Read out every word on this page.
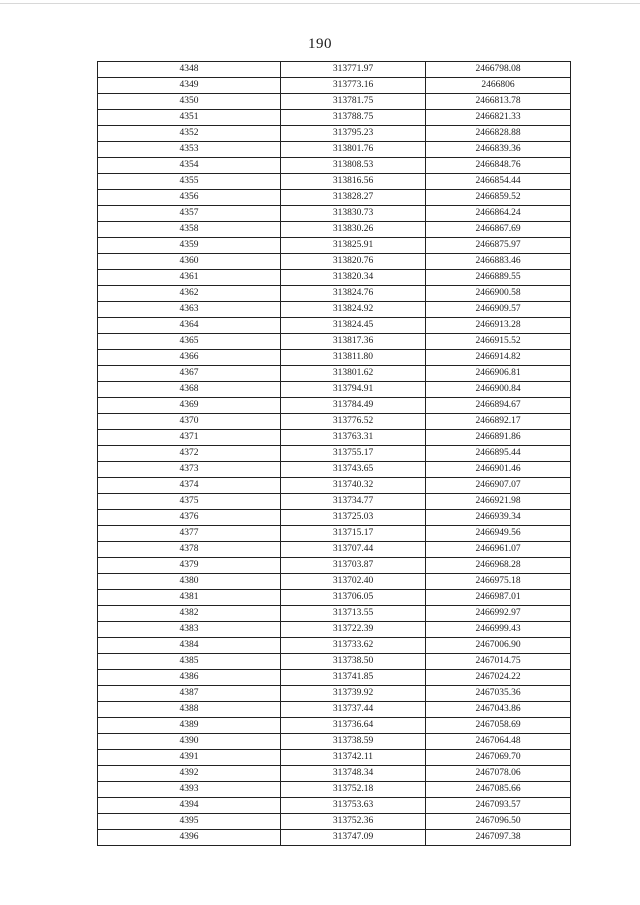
190
4348	313771.97	2466798.08
4349	313773.16	2466806
4350	313781.75	2466813.78
4351	313788.75	2466821.33
4352	313795.23	2466828.88
4353	313801.76	2466839.36
4354	313808.53	2466848.76
4355	313816.56	2466854.44
4356	313828.27	2466859.52
4357	313830.73	2466864.24
4358	313830.26	2466867.69
4359	313825.91	2466875.97
4360	313820.76	2466883.46
4361	313820.34	2466889.55
4362	313824.76	2466900.58
4363	313824.92	2466909.57
4364	313824.45	2466913.28
4365	313817.36	2466915.52
4366	313811.80	2466914.82
4367	313801.62	2466906.81
4368	313794.91	2466900.84
4369	313784.49	2466894.67
4370	313776.52	2466892.17
4371	313763.31	2466891.86
4372	313755.17	2466895.44
4373	313743.65	2466901.46
4374	313740.32	2466907.07
4375	313734.77	2466921.98
4376	313725.03	2466939.34
4377	313715.17	2466949.56
4378	313707.44	2466961.07
4379	313703.87	2466968.28
4380	313702.40	2466975.18
4381	313706.05	2466987.01
4382	313713.55	2466992.97
4383	313722.39	2466999.43
4384	313733.62	2467006.90
4385	313738.50	2467014.75
4386	313741.85	2467024.22
4387	313739.92	2467035.36
4388	313737.44	2467043.86
4389	313736.64	2467058.69
4390	313738.59	2467064.48
4391	313742.11	2467069.70
4392	313748.34	2467078.06
4393	313752.18	2467085.66
4394	313753.63	2467093.57
4395	313752.36	2467096.50
4396	313747.09	2467097.38
